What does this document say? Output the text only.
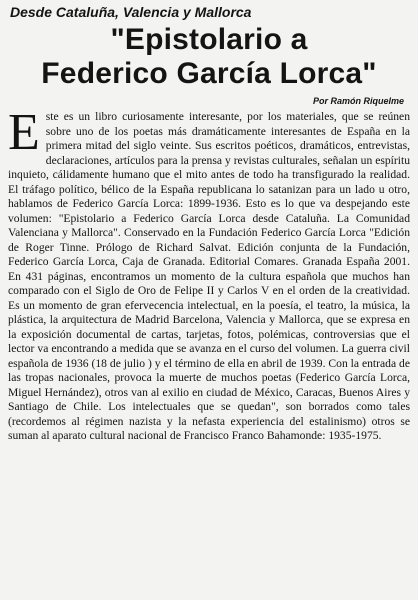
Desde Cataluña, Valencia y Mallorca
"Epistolario a
Federico García Lorca"
Por Ramón Riquelme
Este es un libro curiosamente interesante, por los materiales, que se reúnen sobre uno de los poetas más dramáticamente interesantes de España en la primera mitad del siglo veinte. Sus escritos poéticos, dramáticos, entrevistas, declaraciones, artículos para la prensa y revistas culturales, señalan un espíritu inquieto, cálidamente humano que el mito antes de todo ha transfigurado la realidad. El tráfago político, bélico de la España republicana lo satanizan para un lado u otro, hablamos de Federico García Lorca: 1899-1936. Esto es lo que va despejando este volumen: "Epistolario a Federico García Lorca desde Cataluña. La Comunidad Valenciana y Mallorca". Conservado en la Fundación Federico García Lorca "Edición de Roger Tinne. Prólogo de Richard Salvat. Edición conjunta de la Fundación, Federico García Lorca, Caja de Granada. Editorial Comares. Granada España 2001. En 431 páginas, encontramos un momento de la cultura española que muchos han comparado con el Siglo de Oro de Felipe II y Carlos V en el orden de la creatividad. Es un momento de gran efervecencia intelectual, en la poesía, el teatro, la música, la plástica, la arquitectura de Madrid Barcelona, Valencia y Mallorca, que se expresa en la exposición documental de cartas, tarjetas, fotos, polémicas, controversias que el lector va encontrando a medida que se avanza en el curso del volumen. La guerra civil española de 1936 (18 de julio ) y el término de ella en abril de 1939. Con la entrada de las tropas nacionales, provoca la muerte de muchos poetas (Federico García Lorca, Miguel Hernández), otros van al exilio en ciudad de México, Caracas, Buenos Aires y Santiago de Chile. Los intelectuales que se quedan", son borrados como tales (recordemos al régimen nazista y la nefasta experiencia del estalinismo) otros se suman al aparato cultural nacional de Francisco Franco Bahamonde: 1935-1975.
